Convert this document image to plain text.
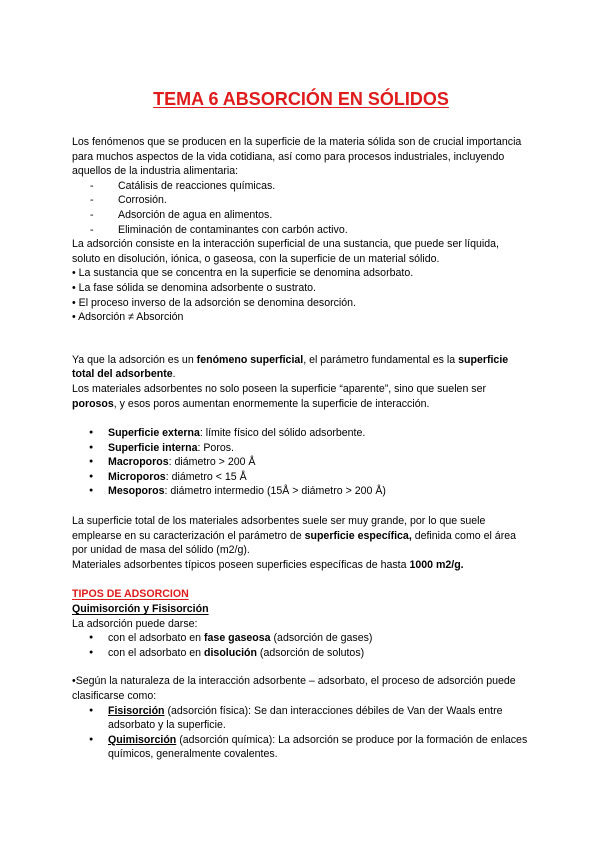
TEMA 6 ABSORCIÓN EN SÓLIDOS

Los fenómenos que se producen en la superficie de la materia sólida son de crucial importancia para muchos aspectos de la vida cotidiana, así como para procesos industriales, incluyendo aquellos de la industria alimentaria:

- Catálisis de reacciones químicas.
- Corrosión.
- Adsorción de agua en alimentos.
- Eliminación de contaminantes con carbón activo.

La adsorción consiste en la interacción superficial de una sustancia, que puede ser líquida, soluto en disolución, iónica, o gaseosa, con la superficie de un material sólido.

• La sustancia que se concentra en la superficie se denomina adsorbato.

• La fase sólida se denomina adsorbente o sustrato.

• El proceso inverso de la adsorción se denomina desorción.

• Adsorción ≠ Absorción

Ya que la adsorción es un fenómeno superficial, el parámetro fundamental es la superficie total del adsorbente.

Los materiales adsorbentes no solo poseen la superficie “aparente”, sino que suelen ser porosos, y esos poros aumentan enormemente la superficie de interacción.

● Superficie externa: límite físico del sólido adsorbente.
● Superficie interna: Poros.
● Macroporos: diámetro > 200 Å
● Microporos: diámetro < 15 Å
● Mesoporos: diámetro intermedio (15Å > diámetro > 200 Å)

La superficie total de los materiales adsorbentes suele ser muy grande, por lo que suele emplearse en su caracterización el parámetro de superficie específica, definida como el área por unidad de masa del sólido (m2/g).

Materiales adsorbentes típicos poseen superficies específicas de hasta 1000 m2/g.

TIPOS DE ADSORCION

Quimisorción y Fisisorción

La adsorción puede darse:

● con el adsorbato en fase gaseosa (adsorción de gases)
● con el adsorbato en disolución (adsorción de solutos)

•Según la naturaleza de la interacción adsorbente – adsorbato, el proceso de adsorción puede clasificarse como:

● Fisisorción (adsorción física): Se dan interacciones débiles de Van der Waals entre adsorbato y la superficie.
● Quimisorción (adsorción química): La adsorción se produce por la formación de enlaces químicos, generalmente covalentes.
